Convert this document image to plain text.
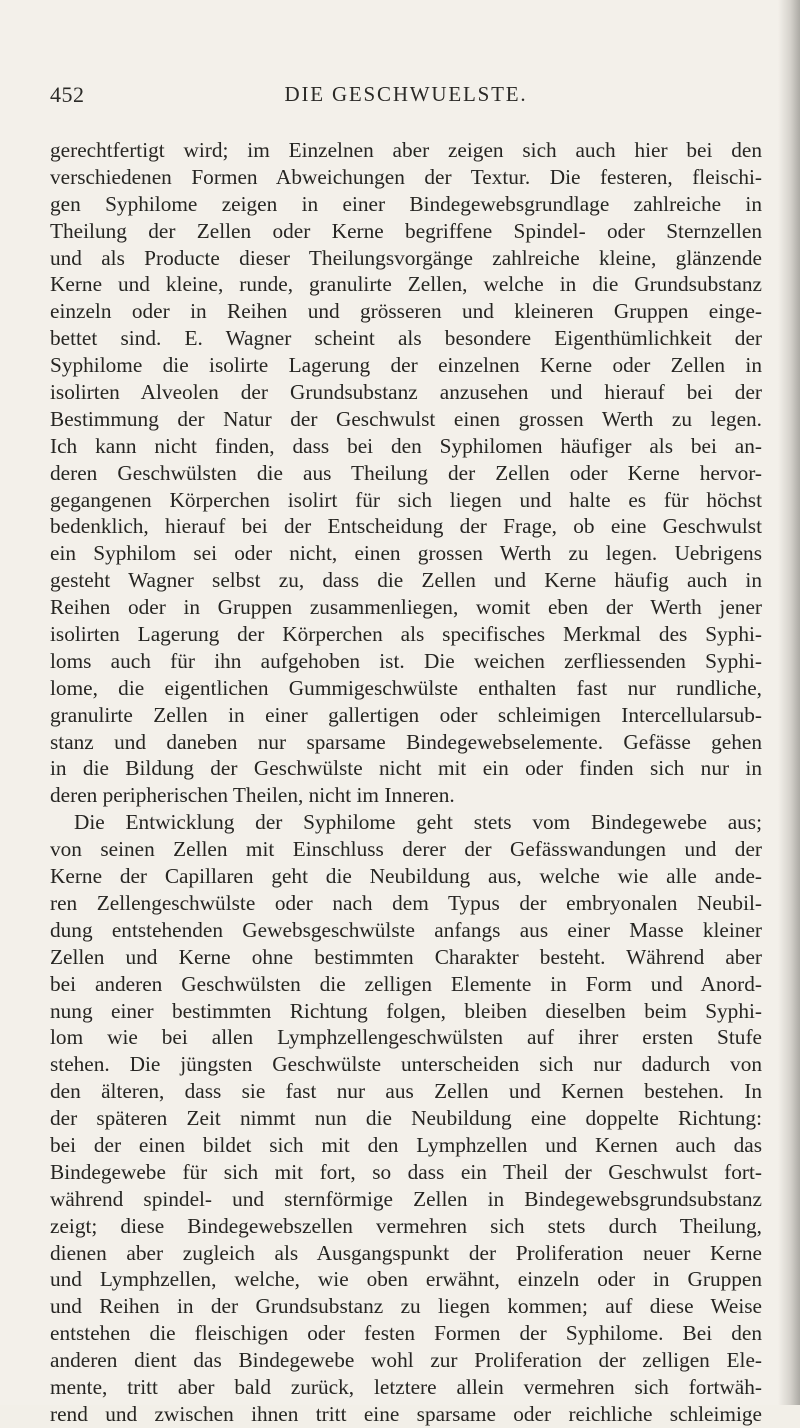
452	DIE GESCHWUELSTE.
gerechtfertigt wird; im Einzelnen aber zeigen sich auch hier bei den
verschiedenen Formen Abweichungen der Textur. Die festeren, fleischi-
gen Syphilome zeigen in einer Bindegewebsgrundlage zahlreiche in
Theilung der Zellen oder Kerne begriffene Spindel- oder Sternzellen
und als Producte dieser Theilungsvorgänge zahlreiche kleine, glänzende
Kerne und kleine, runde, granulirte Zellen, welche in die Grundsubstanz
einzeln oder in Reihen und grösseren und kleineren Gruppen einge-
bettet sind. E. Wagner scheint als besondere Eigenthümlichkeit der
Syphilome die isolirte Lagerung der einzelnen Kerne oder Zellen in
isolirten Alveolen der Grundsubstanz anzusehen und hierauf bei der
Bestimmung der Natur der Geschwulst einen grossen Werth zu legen.
Ich kann nicht finden, dass bei den Syphilomen häufiger als bei an-
deren Geschwülsten die aus Theilung der Zellen oder Kerne hervor-
gegangenen Körperchen isolirt für sich liegen und halte es für höchst
bedenklich, hierauf bei der Entscheidung der Frage, ob eine Geschwulst
ein Syphilom sei oder nicht, einen grossen Werth zu legen. Uebrigens
gesteht Wagner selbst zu, dass die Zellen und Kerne häufig auch in
Reihen oder in Gruppen zusammenliegen, womit eben der Werth jener
isolirten Lagerung der Körperchen als specifisches Merkmal des Syphi-
loms auch für ihn aufgehoben ist. Die weichen zerfliessenden Syphi-
lome, die eigentlichen Gummigeschwülste enthalten fast nur rundliche,
granulirte Zellen in einer gallertigen oder schleimigen Intercellularsub-
stanz und daneben nur sparsame Bindegewebselemente. Gefässe gehen
in die Bildung der Geschwülste nicht mit ein oder finden sich nur in
deren peripherischen Theilen, nicht im Inneren.
Die Entwicklung der Syphilome geht stets vom Bindegewebe aus;
von seinen Zellen mit Einschluss derer der Gefässwandungen und der
Kerne der Capillaren geht die Neubildung aus, welche wie alle ande-
ren Zellengeschwülste oder nach dem Typus der embryonalen Neubil-
dung entstehenden Gewebsgeschwülste anfangs aus einer Masse kleiner
Zellen und Kerne ohne bestimmten Charakter besteht. Während aber
bei anderen Geschwülsten die zelligen Elemente in Form und Anord-
nung einer bestimmten Richtung folgen, bleiben dieselben beim Syphi-
lom wie bei allen Lymphzellengeschwülsten auf ihrer ersten Stufe
stehen. Die jüngsten Geschwülste unterscheiden sich nur dadurch von
den älteren, dass sie fast nur aus Zellen und Kernen bestehen. In
der späteren Zeit nimmt nun die Neubildung eine doppelte Richtung:
bei der einen bildet sich mit den Lymphzellen und Kernen auch das
Bindegewebe für sich mit fort, so dass ein Theil der Geschwulst fort-
während spindel- und sternförmige Zellen in Bindegewebsgrundsubstanz
zeigt; diese Bindegewebszellen vermehren sich stets durch Theilung,
dienen aber zugleich als Ausgangspunkt der Proliferation neuer Kerne
und Lymphzellen, welche, wie oben erwähnt, einzeln oder in Gruppen
und Reihen in der Grundsubstanz zu liegen kommen; auf diese Weise
entstehen die fleischigen oder festen Formen der Syphilome. Bei den
anderen dient das Bindegewebe wohl zur Proliferation der zelligen Ele-
mente, tritt aber bald zurück, letztere allein vermehren sich fortwäh-
rend und zwischen ihnen tritt eine sparsame oder reichliche schleimige
